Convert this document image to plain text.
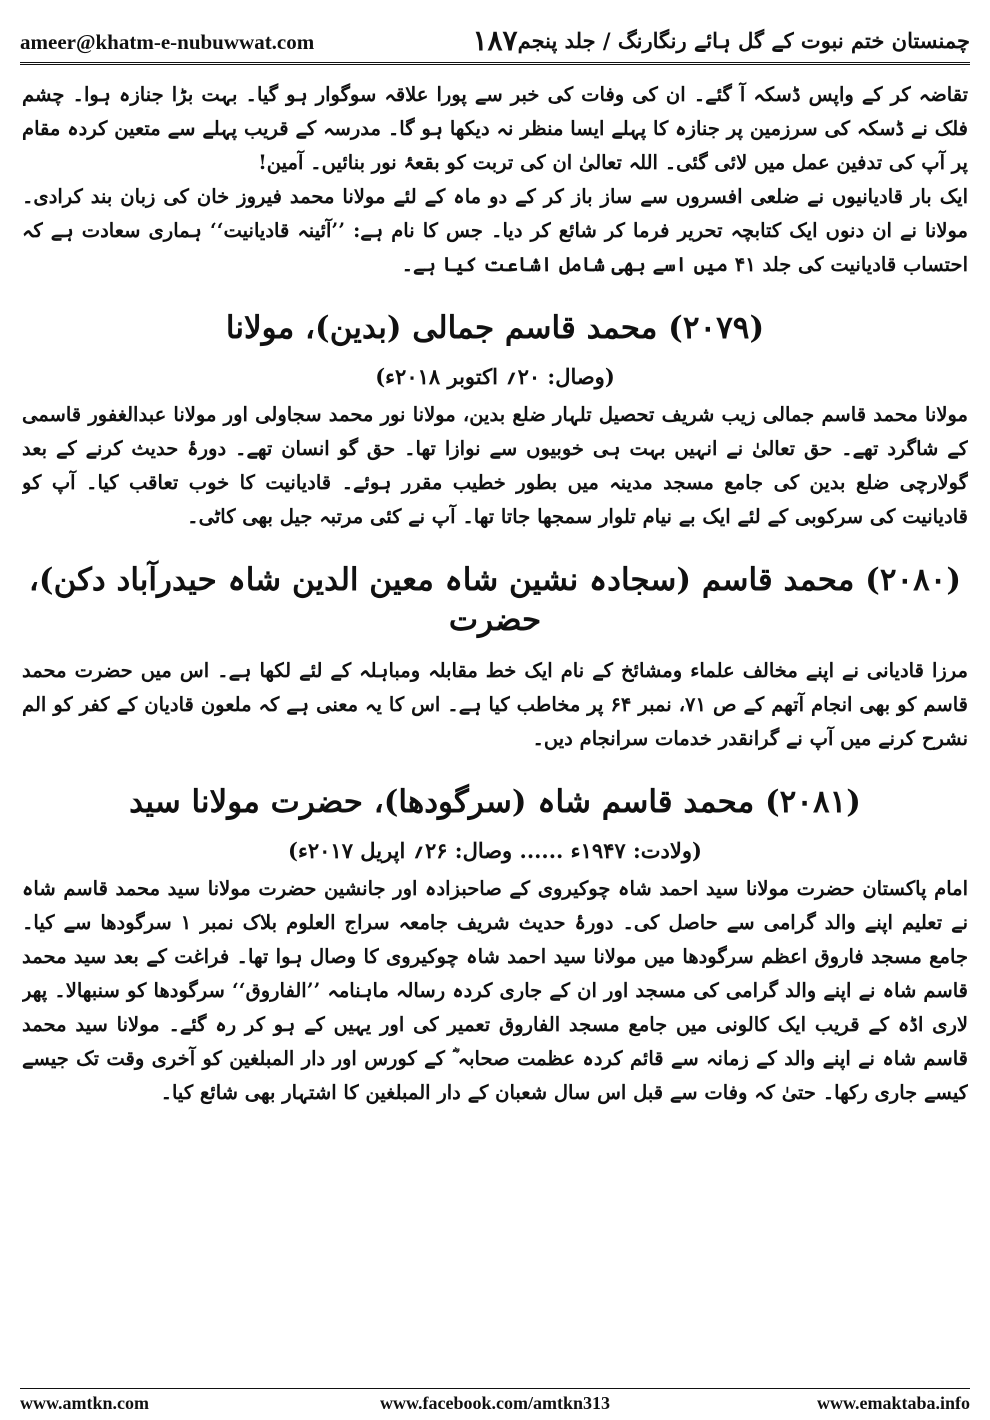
ameer@khatm-e-nubuwwat.com	۱۸۷ چمنستان ختم نبوت کے گل ہائے رنگارنگ / جلد پنجم

تقاضہ کر کے واپس ڈسکہ آ گئے۔ ان کی وفات کی خبر سے پورا علاقہ سوگوار ہو گیا۔ بہت بڑا جنازہ ہوا۔ چشم فلک نے ڈسکہ کی سرزمین پر جنازہ کا پہلے ایسا منظر نہ دیکھا ہو گا۔ مدرسہ کے قریب پہلے سے متعین کردہ مقام پر آپ کی تدفین عمل میں لائی گئی۔ اللہ تعالیٰ ان کی تربت کو بقعۂ نور بنائیں۔ آمین!

ایک بار قادیانیوں نے ضلعی افسروں سے ساز باز کر کے دو ماہ کے لئے مولانا محمد فیروز خان کی زبان بند کرادی۔ مولانا نے ان دنوں ایک کتابچہ تحریر فرما کر شائع کر دیا۔ جس کا نام ہے: ’’آئینہ قادیانیت‘‘ ہماری سعادت ہے کہ احتساب قادیانیت کی جلد ۴۱ میں اسے بھی شامل اشاعت کیا ہے۔

(۲۰۷۹) محمد قاسم جمالی (بدین)، مولانا
(وصال: ۲۰؍ اکتوبر ۲۰۱۸ء)

مولانا محمد قاسم جمالی زیب شریف تحصیل تلہار ضلع بدین، مولانا نور محمد سجاولی اور مولانا عبدالغفور قاسمی کے شاگرد تھے۔ حق تعالیٰ نے انہیں بہت ہی خوبیوں سے نوازا تھا۔ حق گو انسان تھے۔ دورۂ حدیث کرنے کے بعد گولارچی ضلع بدین کی جامع مسجد مدینہ میں بطور خطیب مقرر ہوئے۔ قادیانیت کا خوب تعاقب کیا۔ آپ کو قادیانیت کی سرکوبی کے لئے ایک بے نیام تلوار سمجھا جاتا تھا۔ آپ نے کئی مرتبہ جیل بھی کاٹی۔

(۲۰۸۰) محمد قاسم (سجادہ نشین شاہ معین الدین شاہ حیدرآباد دکن)، حضرت

مرزا قادیانی نے اپنے مخالف علماء ومشائخ کے نام ایک خط مقابلہ ومباہلہ کے لئے لکھا ہے۔ اس میں حضرت محمد قاسم کو بھی انجام آتھم کے ص ۷۱، نمبر ۶۴ پر مخاطب کیا ہے۔ اس کا یہ معنی ہے کہ ملعون قادیان کے کفر کو الم نشرح کرنے میں آپ نے گرانقدر خدمات سرانجام دیں۔

(۲۰۸۱) محمد قاسم شاہ (سرگودھا)، حضرت مولانا سید
(ولادت: ۱۹۴۷ء ...... وصال: ۲۶؍ اپریل ۲۰۱۷ء)

امام پاکستان حضرت مولانا سید احمد شاہ چوکیروی کے صاحبزادہ اور جانشین حضرت مولانا سید محمد قاسم شاہ نے تعلیم اپنے والد گرامی سے حاصل کی۔ دورۂ حدیث شریف جامعہ سراج العلوم بلاک نمبر ۱ سرگودھا سے کیا۔ جامع مسجد فاروق اعظم سرگودھا میں مولانا سید احمد شاہ چوکیروی کا وصال ہوا تھا۔ فراغت کے بعد سید محمد قاسم شاہ نے اپنے والد گرامی کی مسجد اور ان کے جاری کردہ رسالہ ماہنامہ ’’الفاروق‘‘ سرگودھا کو سنبھالا۔ پھر لاری اڈہ کے قریب ایک کالونی میں جامع مسجد الفاروق تعمیر کی اور یہیں کے ہو کر رہ گئے۔ مولانا سید محمد قاسم شاہ نے اپنے والد کے زمانہ سے قائم کردہ عظمت صحابہ ؓ کے کورس اور دار المبلغین کو آخری وقت تک جیسے کیسے جاری رکھا۔ حتیٰ کہ وفات سے قبل اس سال شعبان کے دار المبلغین کا اشتہار بھی شائع کیا۔

www.amtkn.com	www.facebook.com/amtkn313	www.emaktaba.info
